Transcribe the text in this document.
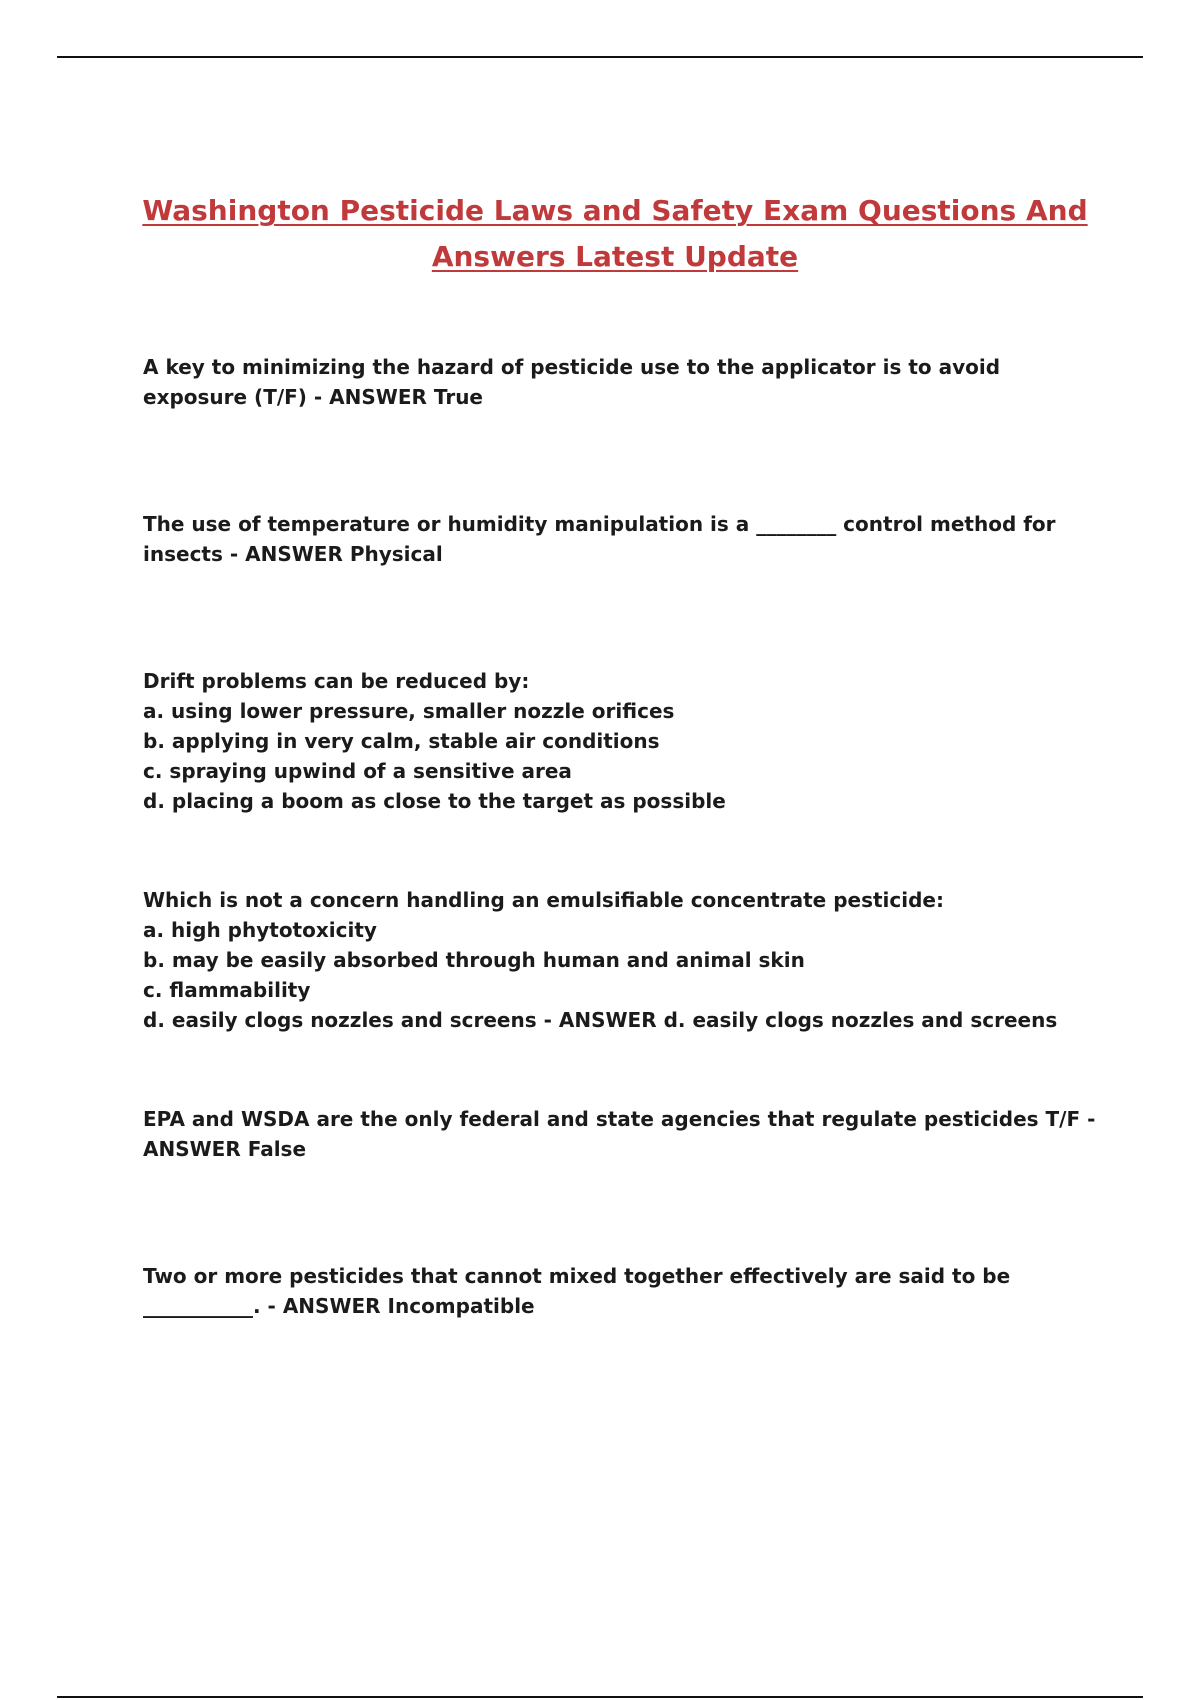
Washington Pesticide Laws and Safety Exam Questions And
Answers Latest Update

A key to minimizing the hazard of pesticide use to the applicator is to avoid exposure (T/F) - ANSWER True

The use of temperature or humidity manipulation is a ________ control method for insects - ANSWER Physical

Drift problems can be reduced by:

a. using lower pressure, smaller nozzle orifices

b. applying in very calm, stable air conditions

c. spraying upwind of a sensitive area

d. placing a boom as close to the target as possible

Which is not a concern handling an emulsifiable concentrate pesticide:

a. high phytotoxicity

b. may be easily absorbed through human and animal skin

c. flammability

d. easily clogs nozzles and screens - ANSWER d. easily clogs nozzles and screens

EPA and WSDA are the only federal and state agencies that regulate pesticides T/F - ANSWER False

Two or more pesticides that cannot mixed together effectively are said to be ___________. - ANSWER Incompatible
